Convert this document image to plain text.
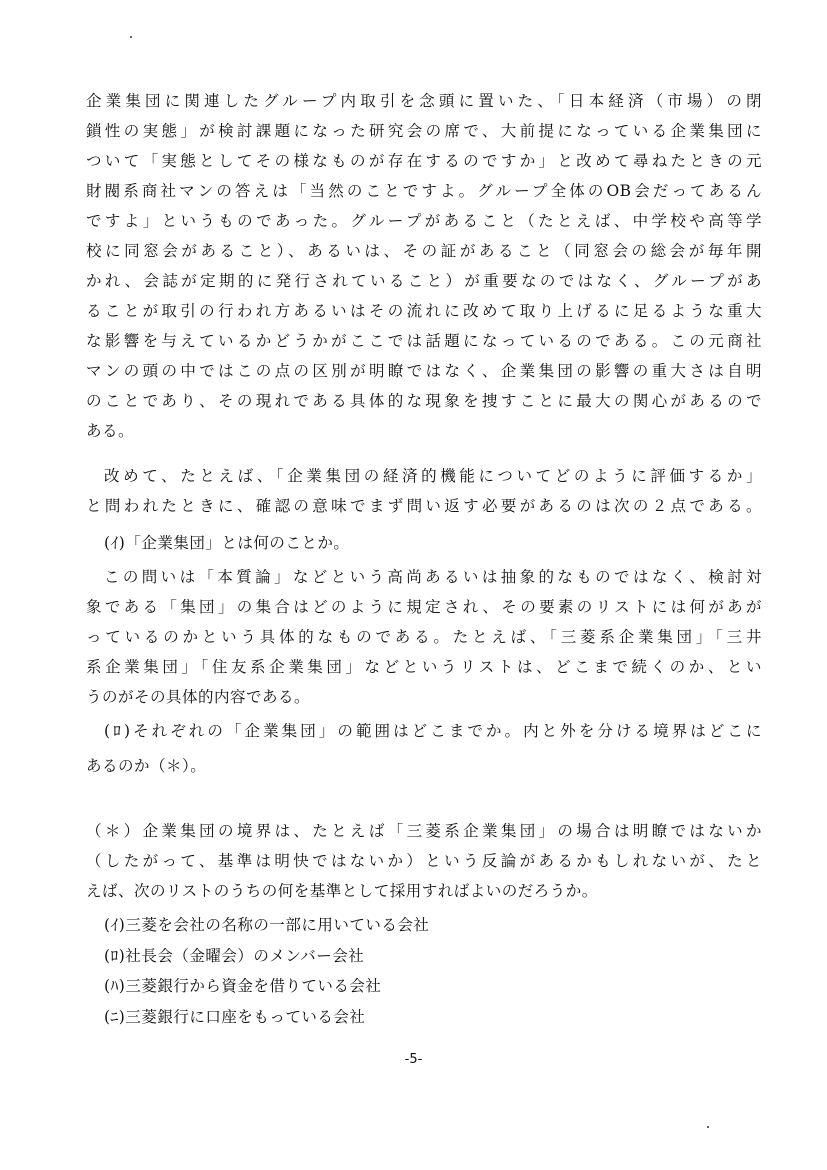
企業集団に関連したグループ内取引を念頭に置いた、「日本経済（市場）の閉
鎖性の実態」が検討課題になった研究会の席で、大前提になっている企業集団に
ついて「実態としてその様なものが存在するのですか」と改めて尋ねたときの元
財閥系商社マンの答えは「当然のことですよ。グループ全体のOB会だってあるん
ですよ」というものであった。グループがあること（たとえば、中学校や高等学
校に同窓会があること）、あるいは、その証があること（同窓会の総会が毎年開
かれ、会誌が定期的に発行されていること）が重要なのではなく、グループがあ
ることが取引の行われ方あるいはその流れに改めて取り上げるに足るような重大
な影響を与えているかどうかがここでは話題になっているのである。この元商社
マンの頭の中ではこの点の区別が明瞭ではなく、企業集団の影響の重大さは自明
のことであり、その現れである具体的な現象を捜すことに最大の関心があるので
ある。
改めて、たとえば、「企業集団の経済的機能についてどのように評価するか」
と問われたときに、確認の意味でまず問い返す必要があるのは次の２点である。
(ｲ)「企業集団」とは何のことか。
この問いは「本質論」などという高尚あるいは抽象的なものではなく、検討対
象である「集団」の集合はどのように規定され、その要素のリストには何があが
っているのかという具体的なものである。たとえば、「三菱系企業集団」「三井
系企業集団」「住友系企業集団」などというリストは、どこまで続くのか、とい
うのがその具体的内容である。
(ﾛ)それぞれの「企業集団」の範囲はどこまでか。内と外を分ける境界はどこに
あるのか（＊）。
（＊）企業集団の境界は、たとえば「三菱系企業集団」の場合は明瞭ではないか
（したがって、基準は明快ではないか）という反論があるかもしれないが、たと
えば、次のリストのうちの何を基準として採用すればよいのだろうか。
(ｲ)三菱を会社の名称の一部に用いている会社
(ﾛ)社長会（金曜会）のメンバー会社
(ﾊ)三菱銀行から資金を借りている会社
(ﾆ)三菱銀行に口座をもっている会社
-5-
